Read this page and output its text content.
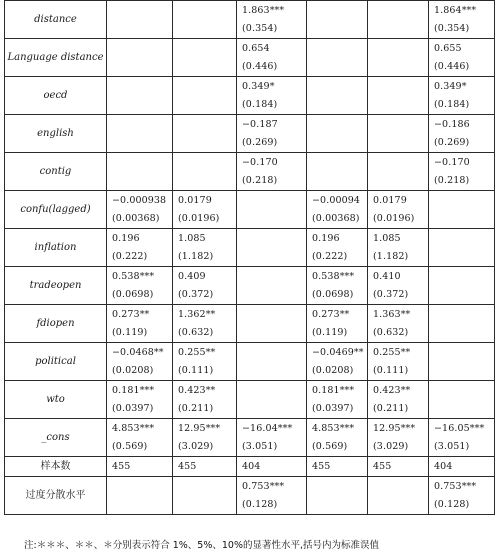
distance			1.863***			1.864***
			(0.354)			(0.354)
Language distance			0.654			0.655
			(0.446)			(0.446)
oecd			0.349*			0.349*
			(0.184)			(0.184)
english			−0.187			−0.186
			(0.269)			(0.269)
contig			−0.170			−0.170
			(0.218)			(0.218)
confu(lagged)	−0.000938	0.0179		−0.00094	0.0179	
	(0.00368)	(0.0196)		(0.00368)	(0.0196)	
inflation	0.196	1.085		0.196	1.085	
	(0.222)	(1.182)		(0.222)	(1.182)	
tradeopen	0.538***	0.409		0.538***	0.410	
	(0.0698)	(0.372)		(0.0698)	(0.372)	
fdiopen	0.273**	1.362**		0.273**	1.363**	
	(0.119)	(0.632)		(0.119)	(0.632)	
political	−0.0468**	0.255**		−0.0469**	0.255**	
	(0.0208)	(0.111)		(0.0208)	(0.111)	
wto	0.181***	0.423**		0.181***	0.423**	
	(0.0397)	(0.211)		(0.0397)	(0.211)	
_cons	4.853***	12.95***	−16.04***	4.853***	12.95***	−16.05***
	(0.569)	(3.029)	(3.051)	(0.569)	(3.029)	(3.051)
样本数	455	455	404	455	455	404
过度分散水平			0.753***			0.753***
			(0.128)			(0.128)
注:＊＊＊、＊＊、＊分别表示符合 1%、5%、10%的显著性水平,括号内为标准误值
